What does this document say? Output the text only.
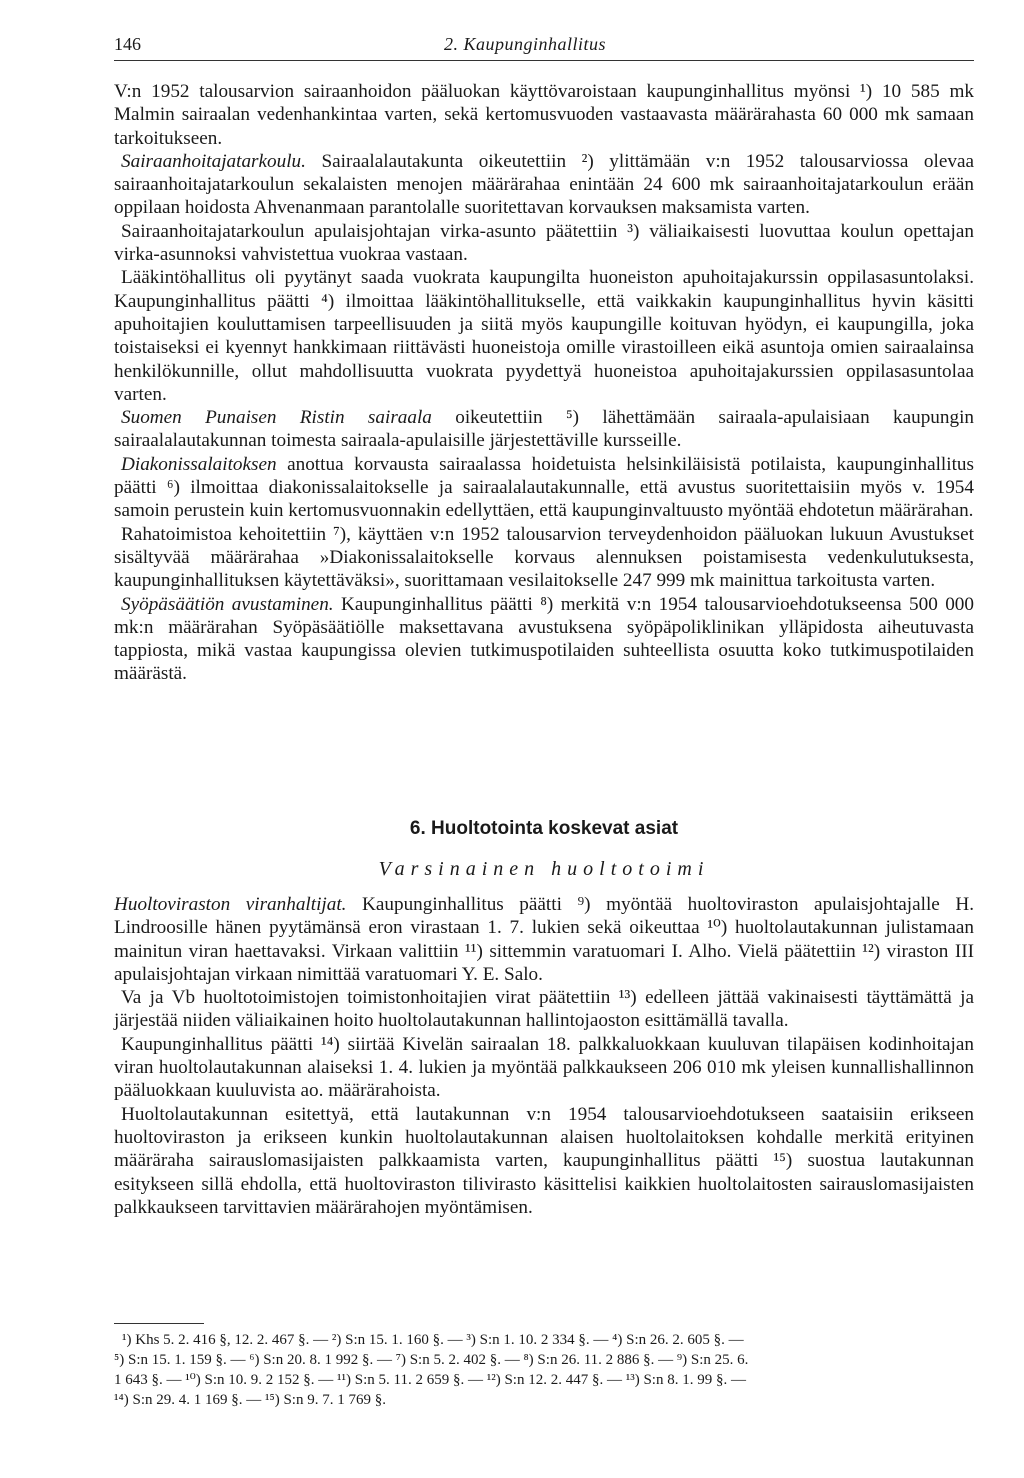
146	2. Kaupunginhallitus

V:n 1952 talousarvion sairaanhoidon pääluokan käyttövaroistaan kaupunginhallitus myönsi ¹) 10 585 mk Malmin sairaalan vedenhankintaa varten, sekä kertomusvuoden vastaavasta määrärahasta 60 000 mk samaan tarkoitukseen.

Sairaanhoitajatarkoulu. Sairaalalautakunta oikeutettiin ²) ylittämään v:n 1952 talousarviossa olevaa sairaanhoitajatarkoulun sekalaisten menojen määrärahaa enintään 24 600 mk sairaanhoitajatarkoulun erään oppilaan hoidosta Ahvenanmaan parantolalle suoritettavan korvauksen maksamista varten.

Sairaanhoitajatarkoulun apulaisjohtajan virka-asunto päätettiin ³) väliaikaisesti luovuttaa koulun opettajan virka-asunnoksi vahvistettua vuokraa vastaan.

Lääkintöhallitus oli pyytänyt saada vuokrata kaupungilta huoneiston apuhoitajakurssin oppilasasuntolaksi. Kaupunginhallitus päätti ⁴) ilmoittaa lääkintöhallitukselle, että vaikkakin kaupunginhallitus hyvin käsitti apuhoitajien kouluttamisen tarpeellisuuden ja siitä myös kaupungille koituvan hyödyn, ei kaupungilla, joka toistaiseksi ei kyennyt hankkimaan riittävästi huoneistoja omille virastoilleen eikä asuntoja omien sairaalainsa henkilökunnille, ollut mahdollisuutta vuokrata pyydettyä huoneistoa apuhoitajakurssien oppilasasuntolaa varten.

Suomen Punaisen Ristin sairaala oikeutettiin ⁵) lähettämään sairaala-apulaisiaan kaupungin sairaalalautakunnan toimesta sairaala-apulaisille järjestettäville kursseille.

Diakonissalaitoksen anottua korvausta sairaalassa hoidetuista helsinkiläisistä potilaista, kaupunginhallitus päätti ⁶) ilmoittaa diakonissalaitokselle ja sairaalalautakunnalle, että avustus suoritettaisiin myös v. 1954 samoin perustein kuin kertomusvuonnakin edellyttäen, että kaupunginvaltuusto myöntää ehdotetun määrärahan.

Rahatoimistoa kehoitettiin ⁷), käyttäen v:n 1952 talousarvion terveydenhoidon pääluokan lukuun Avustukset sisältyvää määrärahaa »Diakonissalaitokselle korvaus alennuksen poistamisesta vedenkulutuksesta, kaupunginhallituksen käytettäväksi», suorittamaan vesilaitokselle 247 999 mk mainittua tarkoitusta varten.

Syöpäsäätiön avustaminen. Kaupunginhallitus päätti ⁸) merkitä v:n 1954 talousarvioehdotukseensa 500 000 mk:n määrärahan Syöpäsäätiölle maksettavana avustuksena syöpäpoliklinikan ylläpidosta aiheutuvasta tappiosta, mikä vastaa kaupungissa olevien tutkimuspotilaiden suhteellista osuutta koko tutkimuspotilaiden määrästä.

6. Huoltotointa koskevat asiat
Varsinainen huoltotoimi

Huoltoviraston viranhaltijat. Kaupunginhallitus päätti ⁹) myöntää huoltoviraston apulaisjohtajalle H. Lindroosille hänen pyytämänsä eron virastaan 1. 7. lukien sekä oikeuttaa ¹⁰) huoltolautakunnan julistamaan mainitun viran haettavaksi. Virkaan valittiin ¹¹) sittemmin varatuomari I. Alho. Vielä päätettiin ¹²) viraston III apulaisjohtajan virkaan nimittää varatuomari Y. E. Salo.

Va ja Vb huoltotoimistojen toimistonhoitajien virat päätettiin ¹³) edelleen jättää vakinaisesti täyttämättä ja järjestää niiden väliaikainen hoito huoltolautakunnan hallintojaoston esittämällä tavalla.

Kaupunginhallitus päätti ¹⁴) siirtää Kivelän sairaalan 18. palkkaluokkaan kuuluvan tilapäisen kodinhoitajan viran huoltolautakunnan alaiseksi 1. 4. lukien ja myöntää palkkaukseen 206 010 mk yleisen kunnallishallinnon pääluokkaan kuuluvista ao. määrärahoista.

Huoltolautakunnan esitettyä, että lautakunnan v:n 1954 talousarvioehdotukseen saataisiin erikseen huoltoviraston ja erikseen kunkin huoltolautakunnan alaisen huoltolaitoksen kohdalle merkitä erityinen määräraha sairauslomasijaisten palkkaamista varten, kaupunginhallitus päätti ¹⁵) suostua lautakunnan esitykseen sillä ehdolla, että huoltoviraston tilivirasto käsittelisi kaikkien huoltolaitosten sairauslomasijaisten palkkaukseen tarvittavien määrärahojen myöntämisen.

¹) Khs 5. 2. 416 §, 12. 2. 467 §. — ²) S:n 15. 1. 160 §. — ³) S:n 1. 10. 2 334 §. — ⁴) S:n 26. 2. 605 §. —
⁵) S:n 15. 1. 159 §. — ⁶) S:n 20. 8. 1 992 §. — ⁷) S:n 5. 2. 402 §. — ⁸) S:n 26. 11. 2 886 §. — ⁹) S:n 25. 6.
1 643 §. — ¹⁰) S:n 10. 9. 2 152 §. — ¹¹) S:n 5. 11. 2 659 §. — ¹²) S:n 12. 2. 447 §. — ¹³) S:n 8. 1. 99 §. —
¹⁴) S:n 29. 4. 1 169 §. — ¹⁵) S:n 9. 7. 1 769 §.
